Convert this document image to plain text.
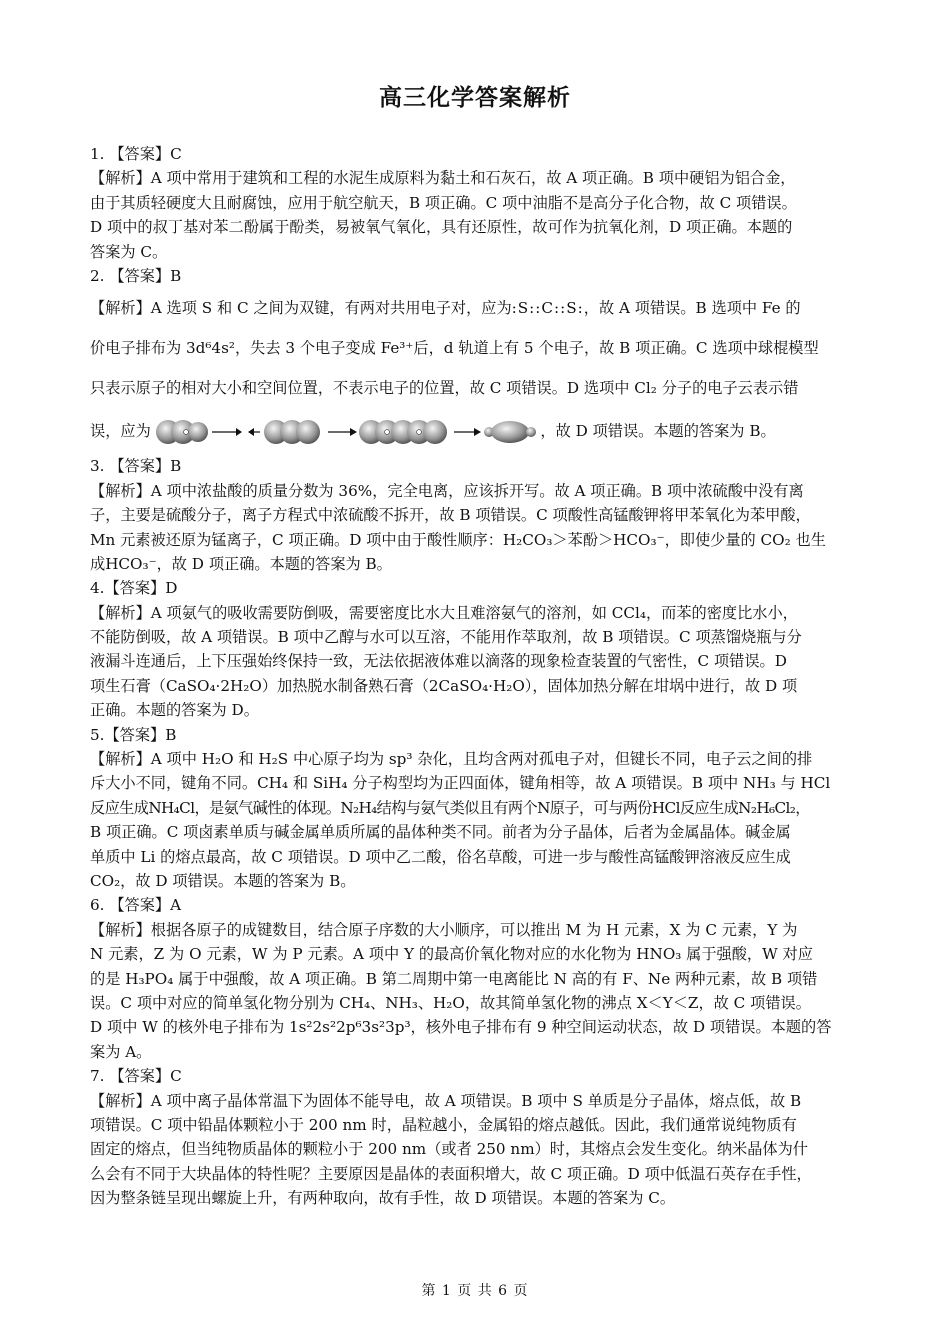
高三化学答案解析
1. 【答案】C
【解析】A 项中常用于建筑和工程的水泥生成原料为黏土和石灰石，故 A 项正确。B 项中硬铝为铝合金，
由于其质轻硬度大且耐腐蚀，应用于航空航天，B 项正确。C 项中油脂不是高分子化合物，故 C 项错误。
D 项中的叔丁基对苯二酚属于酚类，易被氧气氧化，具有还原性，故可作为抗氧化剂，D 项正确。本题的
答案为 C。
2. 【答案】B
【解析】A 选项 S 和 C 之间为双键，有两对共用电子对，应为:S::C::S:，故 A 项错误。B 选项中 Fe 的
价电子排布为 3d⁶4s²，失去 3 个电子变成 Fe³⁺后，d 轨道上有 5 个电子，故 B 项正确。C 选项中球棍模型
只表示原子的相对大小和空间位置，不表示电子的位置，故 C 项错误。D 选项中 Cl₂ 分子的电子云表示错
误，应为	，故 D 项错误。本题的答案为 B。
3. 【答案】B
【解析】A 项中浓盐酸的质量分数为 36%，完全电离，应该拆开写。故 A 项正确。B 项中浓硫酸中没有离
子，主要是硫酸分子，离子方程式中浓硫酸不拆开，故 B 项错误。C 项酸性高锰酸钾将甲苯氧化为苯甲酸，
Mn 元素被还原为锰离子，C 项正确。D 项中由于酸性顺序：H₂CO₃＞苯酚＞HCO₃⁻，即使少量的 CO₂ 也生
成HCO₃⁻，故 D 项正确。本题的答案为 B。
4.【答案】D
【解析】A 项氨气的吸收需要防倒吸，需要密度比水大且难溶氨气的溶剂，如 CCl₄，而苯的密度比水小，
不能防倒吸，故 A 项错误。B 项中乙醇与水可以互溶，不能用作萃取剂，故 B 项错误。C 项蒸馏烧瓶与分
液漏斗连通后，上下压强始终保持一致，无法依据液体难以滴落的现象检查装置的气密性，C 项错误。D
项生石膏（CaSO₄·2H₂O）加热脱水制备熟石膏（2CaSO₄·H₂O），固体加热分解在坩埚中进行，故 D 项
正确。本题的答案为 D。
5.【答案】B
【解析】A 项中 H₂O 和 H₂S 中心原子均为 sp³ 杂化，且均含两对孤电子对，但键长不同，电子云之间的排
斥大小不同，键角不同。CH₄ 和 SiH₄ 分子构型均为正四面体，键角相等，故 A 项错误。B 项中 NH₃ 与 HCl
反应生成NH₄Cl，是氨气碱性的体现。N₂H₄结构与氨气类似且有两个N原子，可与两份HCl反应生成N₂H₆Cl₂，
B 项正确。C 项卤素单质与碱金属单质所属的晶体种类不同。前者为分子晶体，后者为金属晶体。碱金属
单质中 Li 的熔点最高，故 C 项错误。D 项中乙二酸，俗名草酸，可进一步与酸性高锰酸钾溶液反应生成
CO₂，故 D 项错误。本题的答案为 B。
6. 【答案】A
【解析】根据各原子的成键数目，结合原子序数的大小顺序，可以推出 M 为 H 元素，X 为 C 元素，Y 为
N 元素，Z 为 O 元素，W 为 P 元素。A 项中 Y 的最高价氧化物对应的水化物为 HNO₃ 属于强酸，W 对应
的是 H₃PO₄ 属于中强酸，故 A 项正确。B 第二周期中第一电离能比 N 高的有 F、Ne 两种元素，故 B 项错
误。C 项中对应的简单氢化物分别为 CH₄、NH₃、H₂O，故其简单氢化物的沸点 X＜Y＜Z，故 C 项错误。
D 项中 W 的核外电子排布为 1s²2s²2p⁶3s²3p³，核外电子排布有 9 种空间运动状态，故 D 项错误。本题的答
案为 A。
7. 【答案】C
【解析】A 项中离子晶体常温下为固体不能导电，故 A 项错误。B 项中 S 单质是分子晶体，熔点低，故 B
项错误。C 项中铅晶体颗粒小于 200 nm 时，晶粒越小，金属铅的熔点越低。因此，我们通常说纯物质有
固定的熔点，但当纯物质晶体的颗粒小于 200 nm（或者 250 nm）时，其熔点会发生变化。纳米晶体为什
么会有不同于大块晶体的特性呢？主要原因是晶体的表面积增大，故 C 项正确。D 项中低温石英存在手性，
因为整条链呈现出螺旋上升，有两种取向，故有手性，故 D 项错误。本题的答案为 C。
第 1 页 共 6 页
